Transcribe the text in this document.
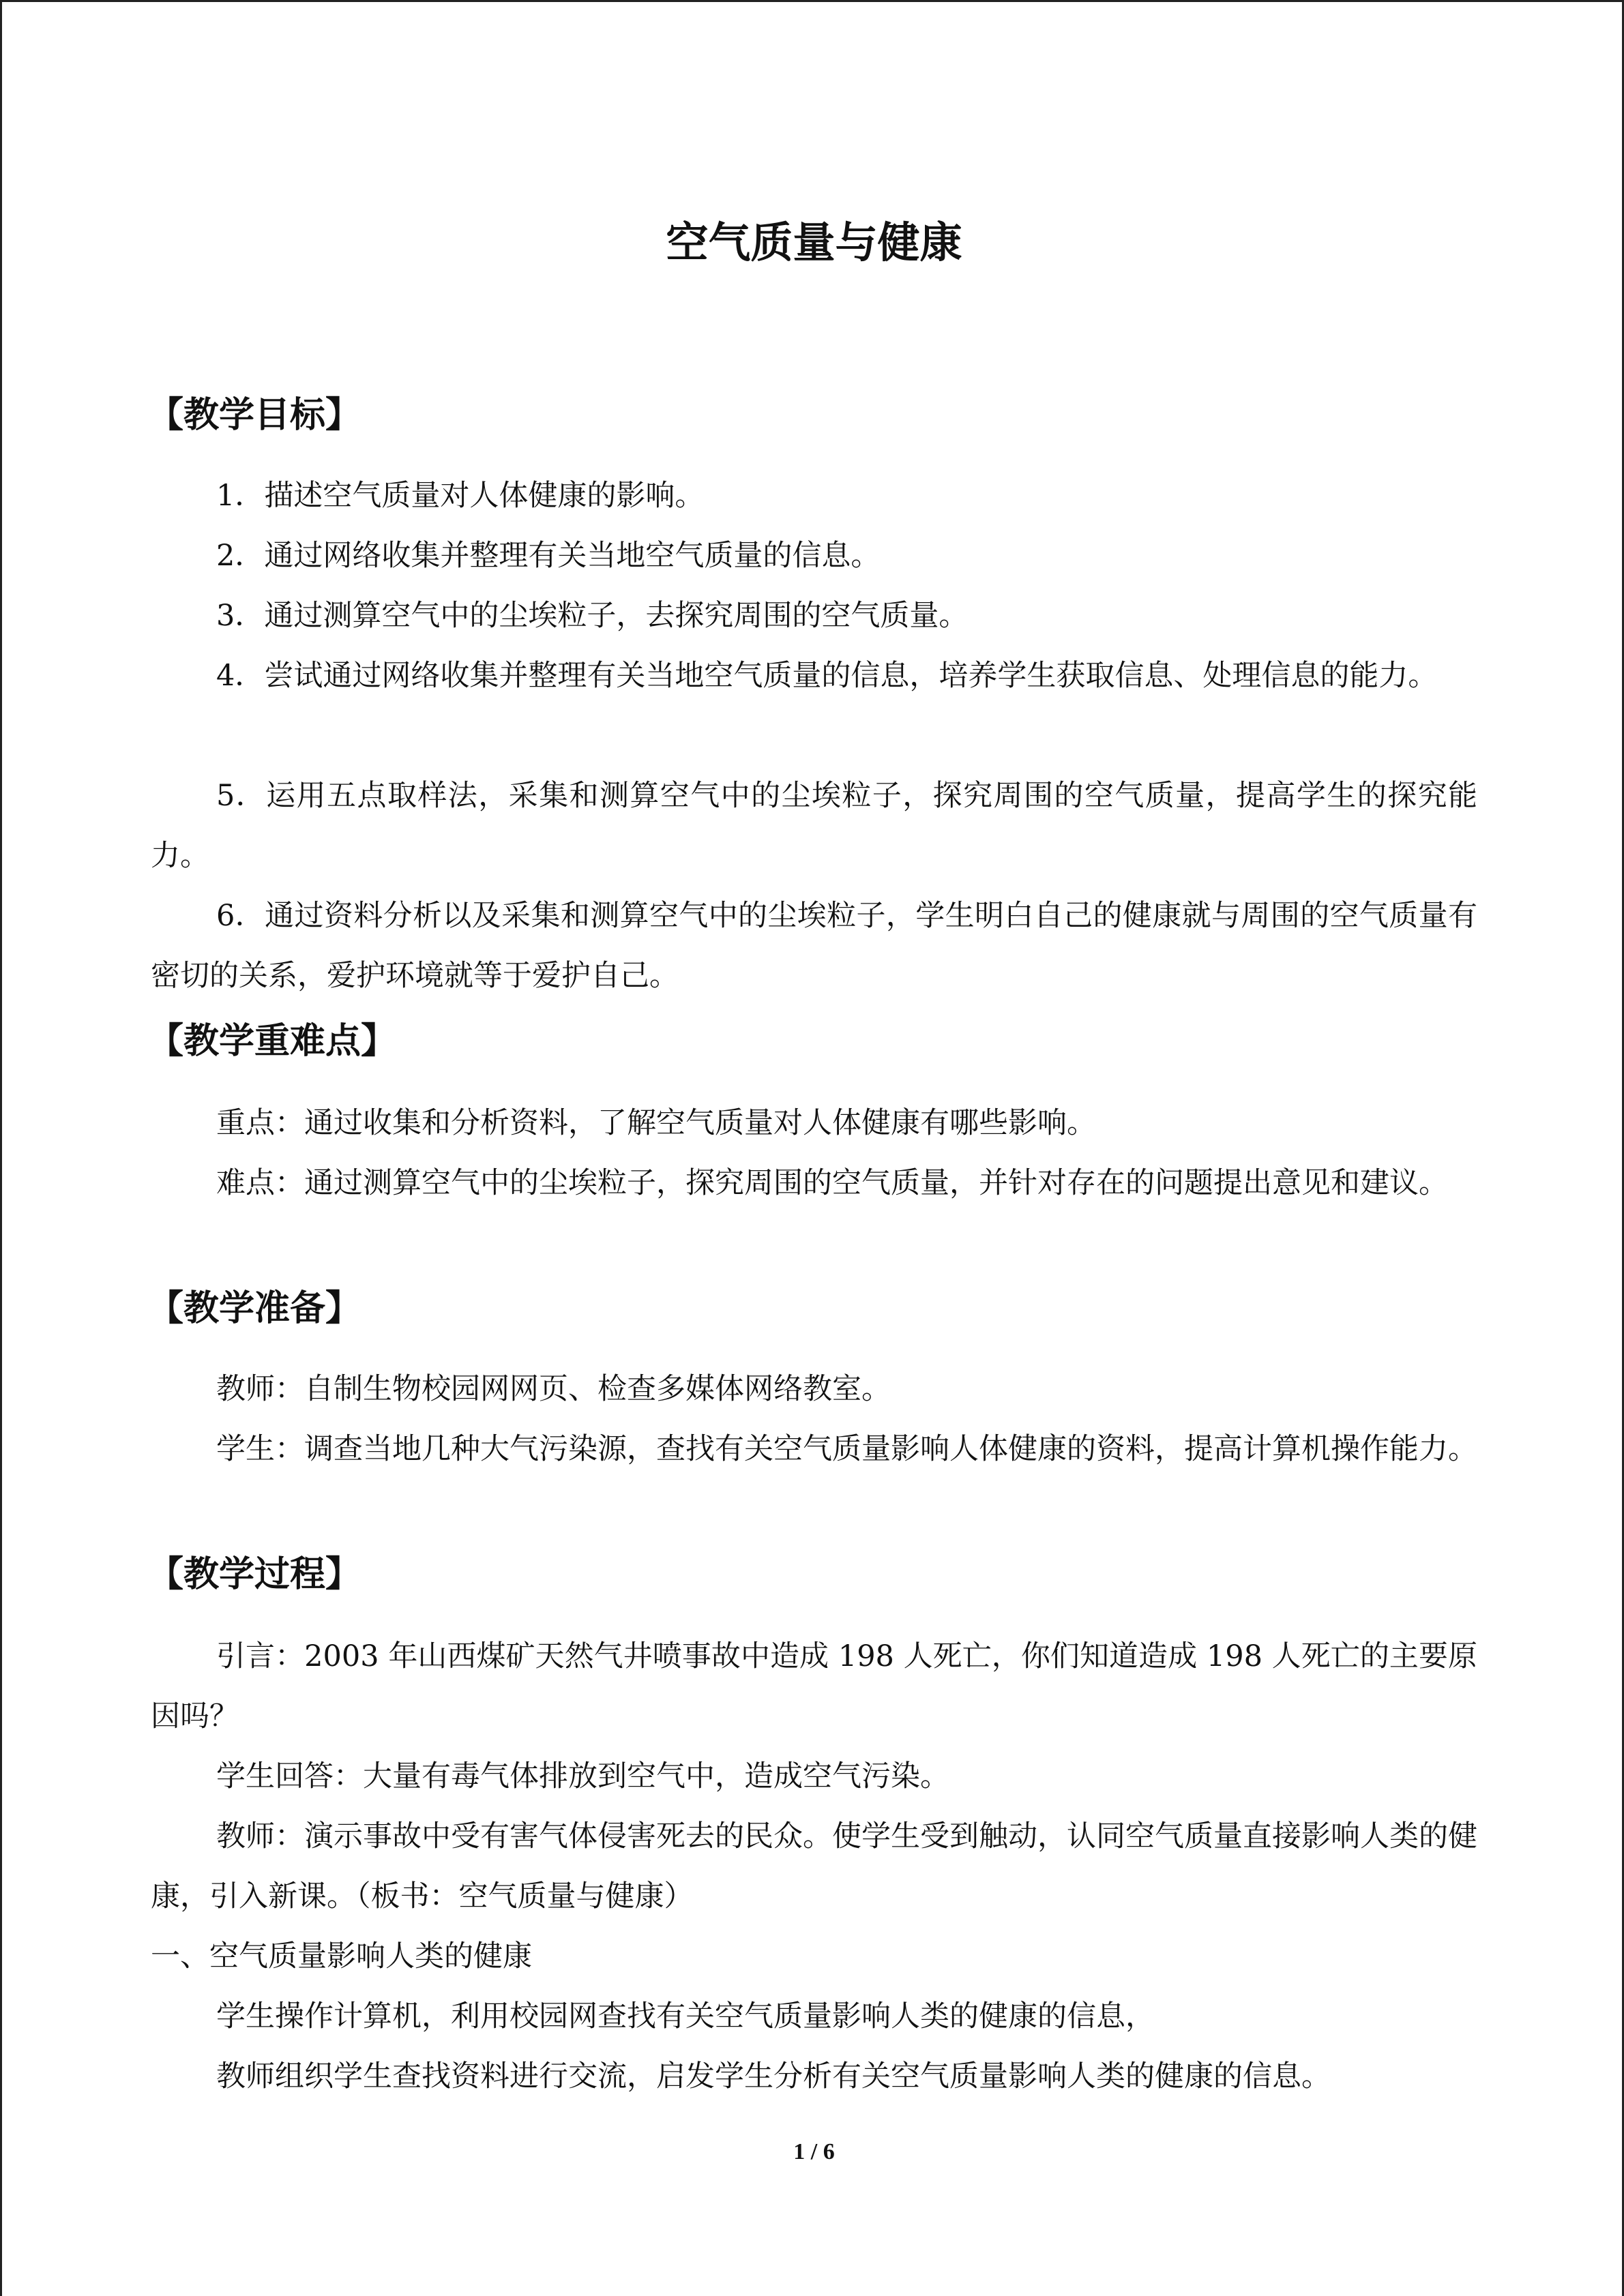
空气质量与健康
【教学目标】

1．描述空气质量对人体健康的影响。

2．通过网络收集并整理有关当地空气质量的信息。

3．通过测算空气中的尘埃粒子，去探究周围的空气质量。

4．尝试通过网络收集并整理有关当地空气质量的信息，培养学生获取信息、处理信息的能力。

5．运用五点取样法，采集和测算空气中的尘埃粒子，探究周围的空气质量，提高学生的探究能力。

6．通过资料分析以及采集和测算空气中的尘埃粒子，学生明白自己的健康就与周围的空气质量有密切的关系，爱护环境就等于爱护自己。

【教学重难点】

重点：通过收集和分析资料，了解空气质量对人体健康有哪些影响。

难点：通过测算空气中的尘埃粒子，探究周围的空气质量，并针对存在的问题提出意见和建议。

【教学准备】

教师：自制生物校园网网页、检查多媒体网络教室。

学生：调查当地几种大气污染源，查找有关空气质量影响人体健康的资料，提高计算机操作能力。

【教学过程】

引言：2003 年山西煤矿天然气井喷事故中造成 198 人死亡，你们知道造成 198 人死亡的主要原因吗？

学生回答：大量有毒气体排放到空气中，造成空气污染。

教师：演示事故中受有害气体侵害死去的民众。使学生受到触动，认同空气质量直接影响人类的健康，引入新课。（板书：空气质量与健康）

一、空气质量影响人类的健康

学生操作计算机，利用校园网查找有关空气质量影响人类的健康的信息，

教师组织学生查找资料进行交流，启发学生分析有关空气质量影响人类的健康的信息。

1 / 6
